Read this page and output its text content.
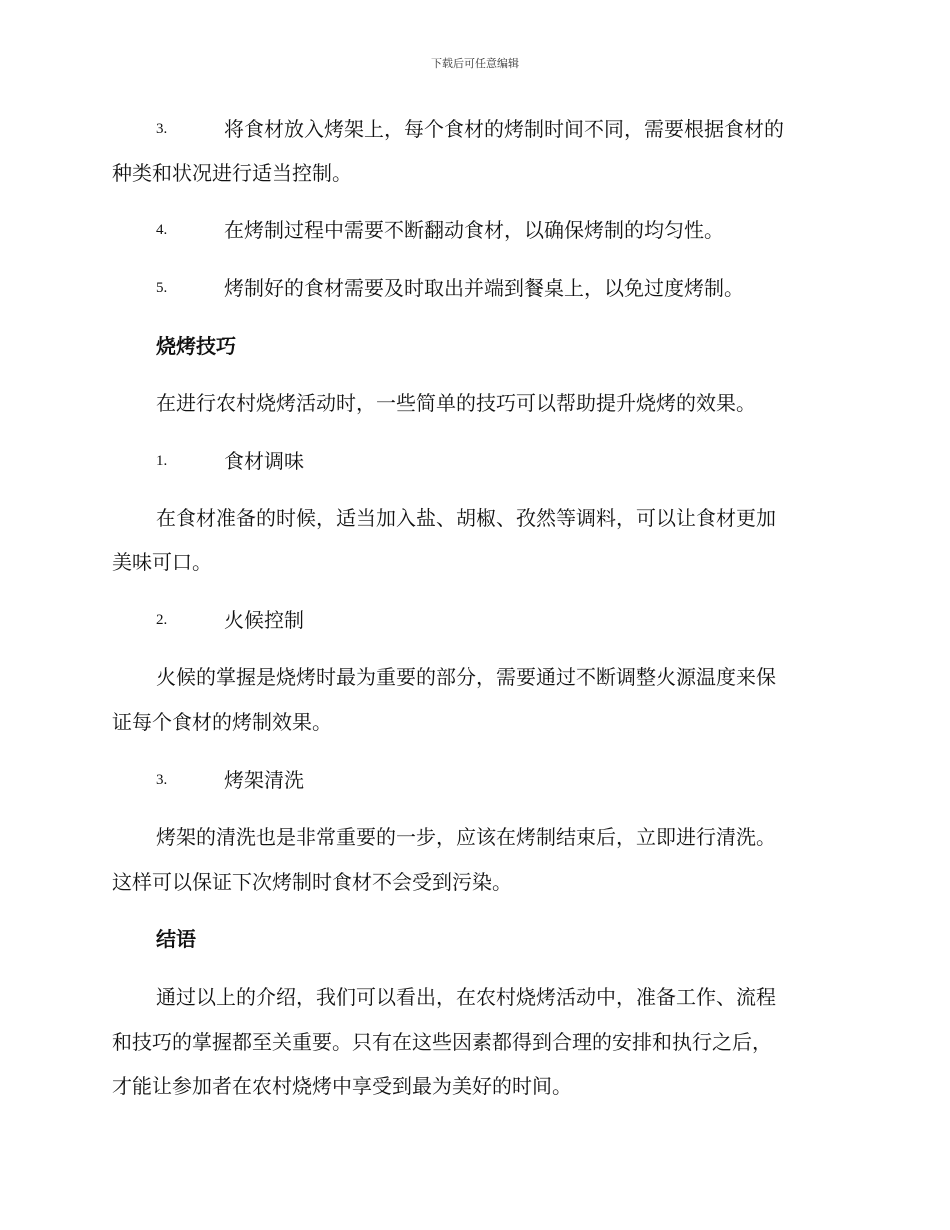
下载后可任意编辑
3.	将食材放入烤架上，每个食材的烤制时间不同，需要根据食材的
种类和状况进行适当控制。
4.	在烤制过程中需要不断翻动食材，以确保烤制的均匀性。
5.	烤制好的食材需要及时取出并端到餐桌上，以免过度烤制。
烧烤技巧
在进行农村烧烤活动时，一些简单的技巧可以帮助提升烧烤的效果。
1.	食材调味
在食材准备的时候，适当加入盐、胡椒、孜然等调料，可以让食材更加
美味可口。
2.	火候控制
火候的掌握是烧烤时最为重要的部分，需要通过不断调整火源温度来保
证每个食材的烤制效果。
3.	烤架清洗
烤架的清洗也是非常重要的一步，应该在烤制结束后，立即进行清洗。
这样可以保证下次烤制时食材不会受到污染。
结语
通过以上的介绍，我们可以看出，在农村烧烤活动中，准备工作、流程
和技巧的掌握都至关重要。只有在这些因素都得到合理的安排和执行之后，
才能让参加者在农村烧烤中享受到最为美好的时间。
